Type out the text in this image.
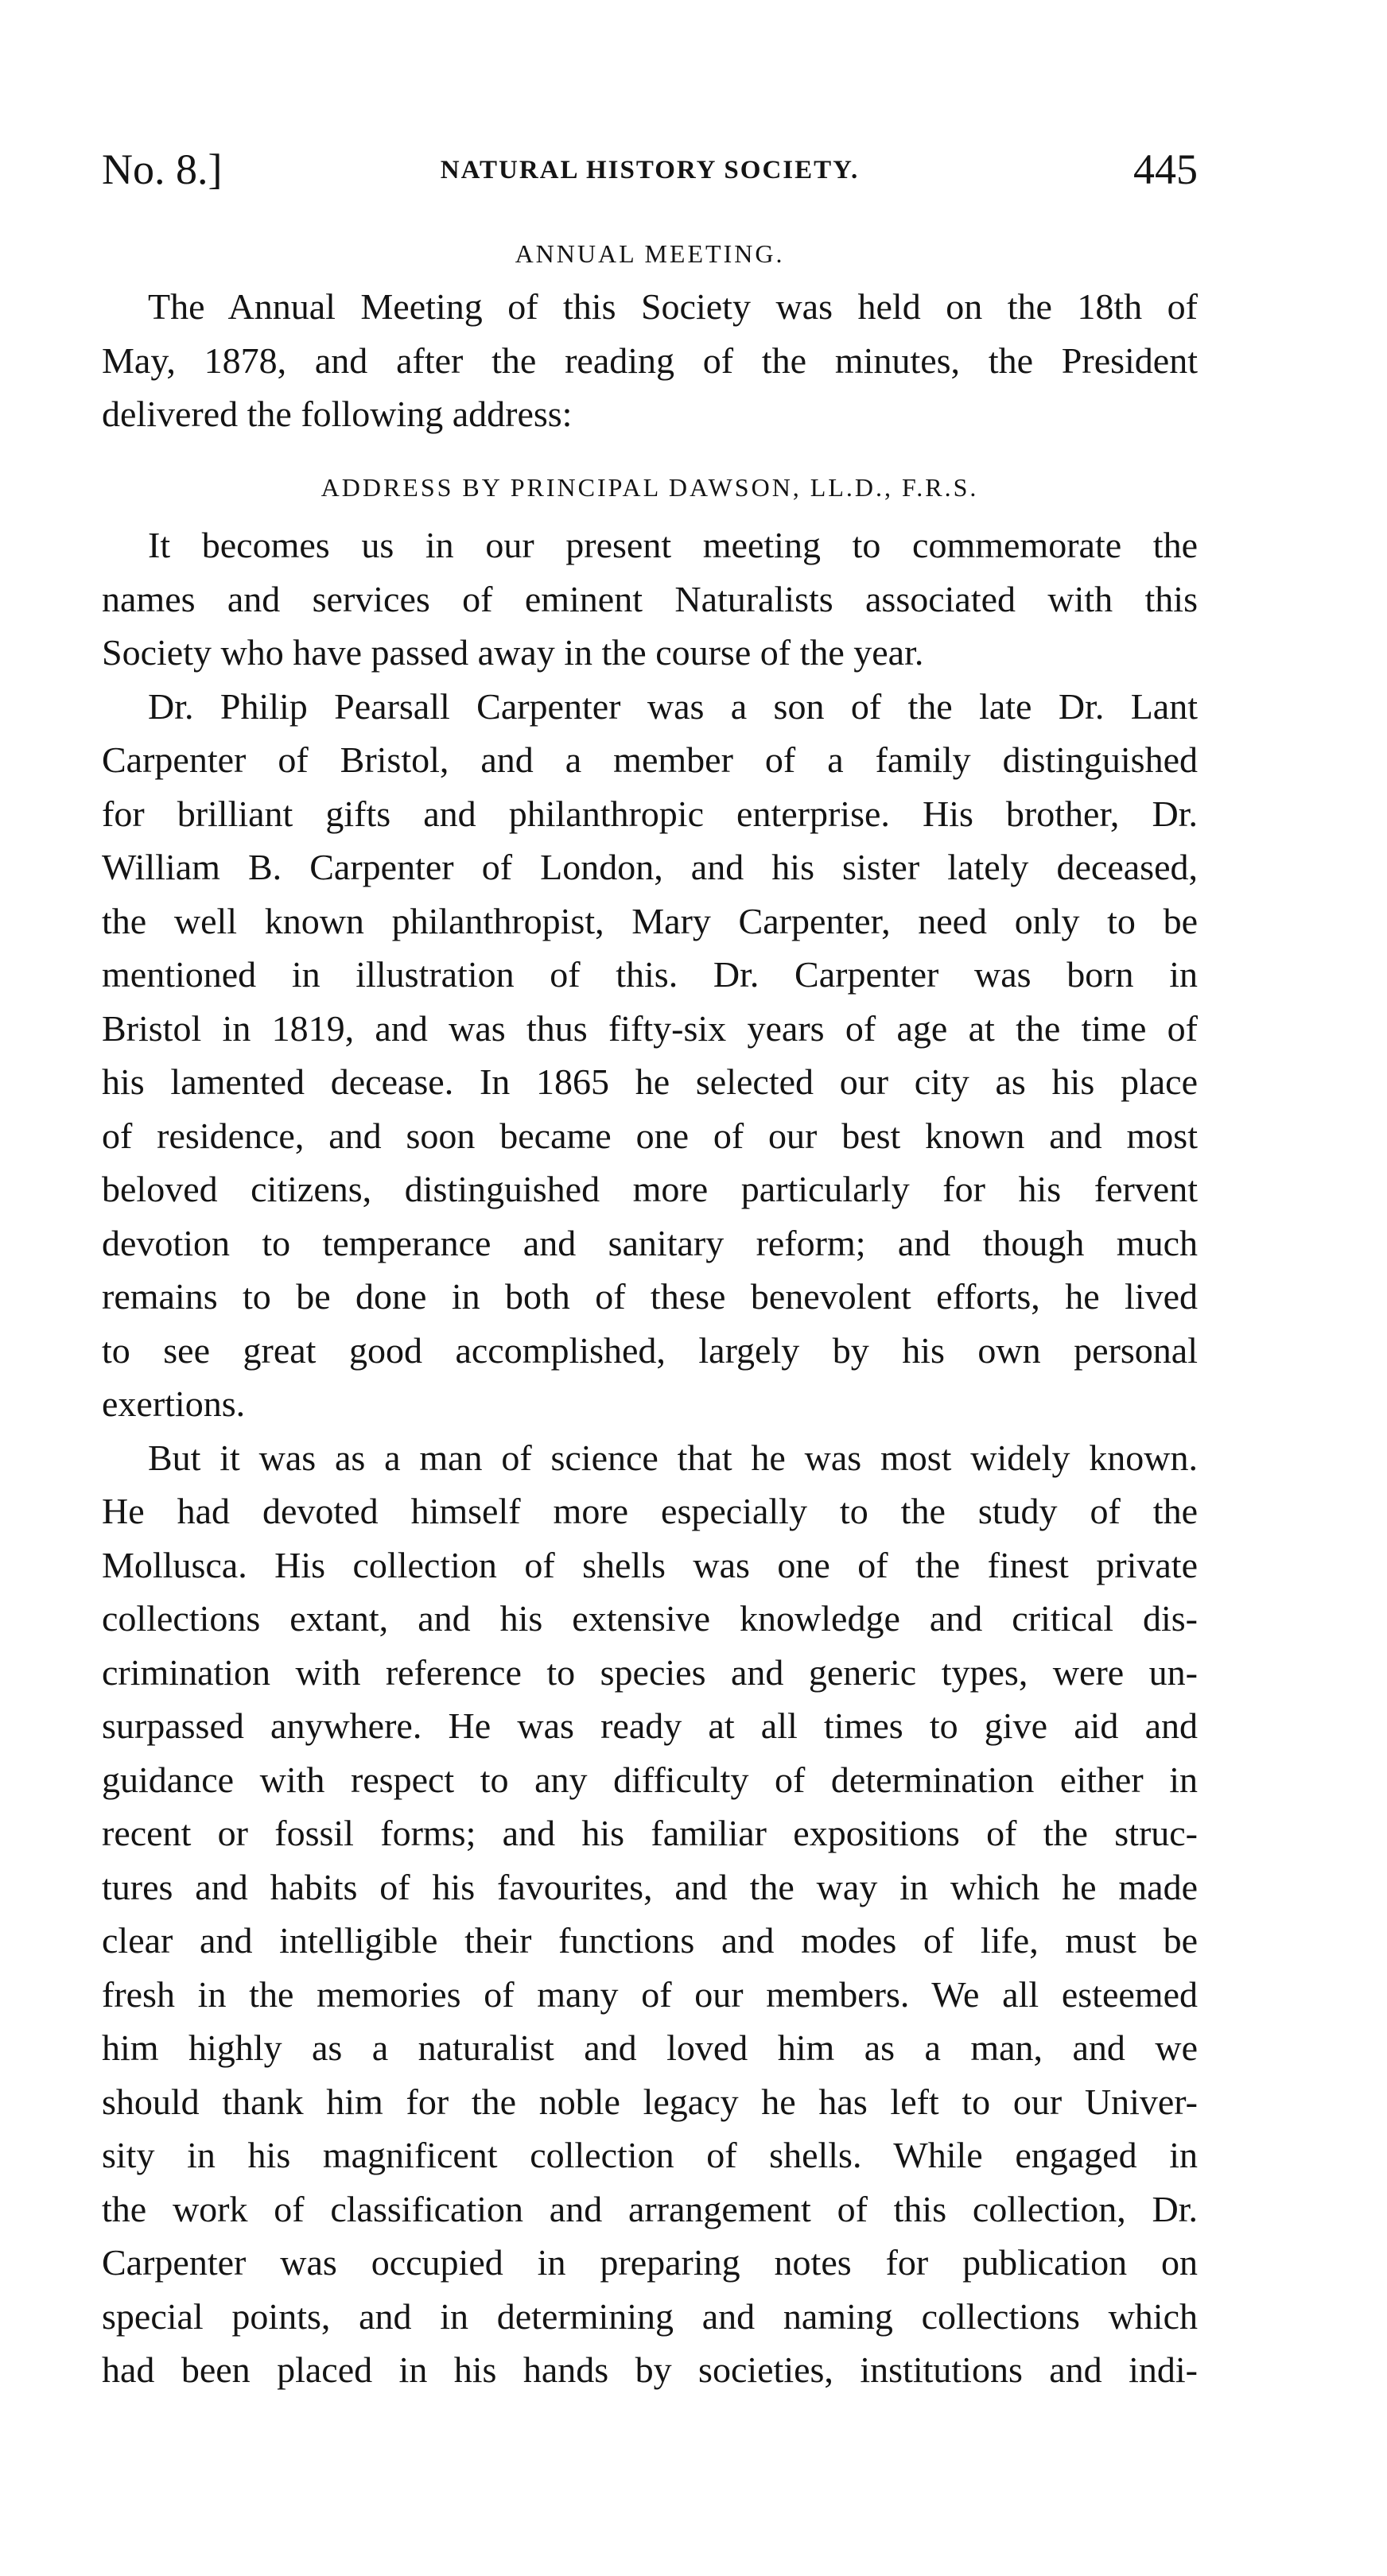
No. 8.]	NATURAL HISTORY SOCIETY.	445
ANNUAL MEETING.
The Annual Meeting of this Society was held on the 18th of
May, 1878, and after the reading of the minutes, the President
delivered the following address:
ADDRESS BY PRINCIPAL DAWSON, LL.D., F.R.S.
It becomes us in our present meeting to commemorate the
names and services of eminent Naturalists associated with this
Society who have passed away in the course of the year.
Dr. Philip Pearsall Carpenter was a son of the late Dr. Lant
Carpenter of Bristol, and a member of a family distinguished
for brilliant gifts and philanthropic enterprise. His brother, Dr.
William B. Carpenter of London, and his sister lately deceased,
the well known philanthropist, Mary Carpenter, need only to be
mentioned in illustration of this. Dr. Carpenter was born in
Bristol in 1819, and was thus fifty-six years of age at the time of
his lamented decease. In 1865 he selected our city as his place
of residence, and soon became one of our best known and most
beloved citizens, distinguished more particularly for his fervent
devotion to temperance and sanitary reform; and though much
remains to be done in both of these benevolent efforts, he lived
to see great good accomplished, largely by his own personal
exertions.
But it was as a man of science that he was most widely known.
He had devoted himself more especially to the study of the
Mollusca. His collection of shells was one of the finest private
collections extant, and his extensive knowledge and critical dis-
crimination with reference to species and generic types, were un-
surpassed anywhere. He was ready at all times to give aid and
guidance with respect to any difficulty of determination either in
recent or fossil forms; and his familiar expositions of the struc-
tures and habits of his favourites, and the way in which he made
clear and intelligible their functions and modes of life, must be
fresh in the memories of many of our members. We all esteemed
him highly as a naturalist and loved him as a man, and we
should thank him for the noble legacy he has left to our Univer-
sity in his magnificent collection of shells. While engaged in
the work of classification and arrangement of this collection, Dr.
Carpenter was occupied in preparing notes for publication on
special points, and in determining and naming collections which
had been placed in his hands by societies, institutions and indi-
